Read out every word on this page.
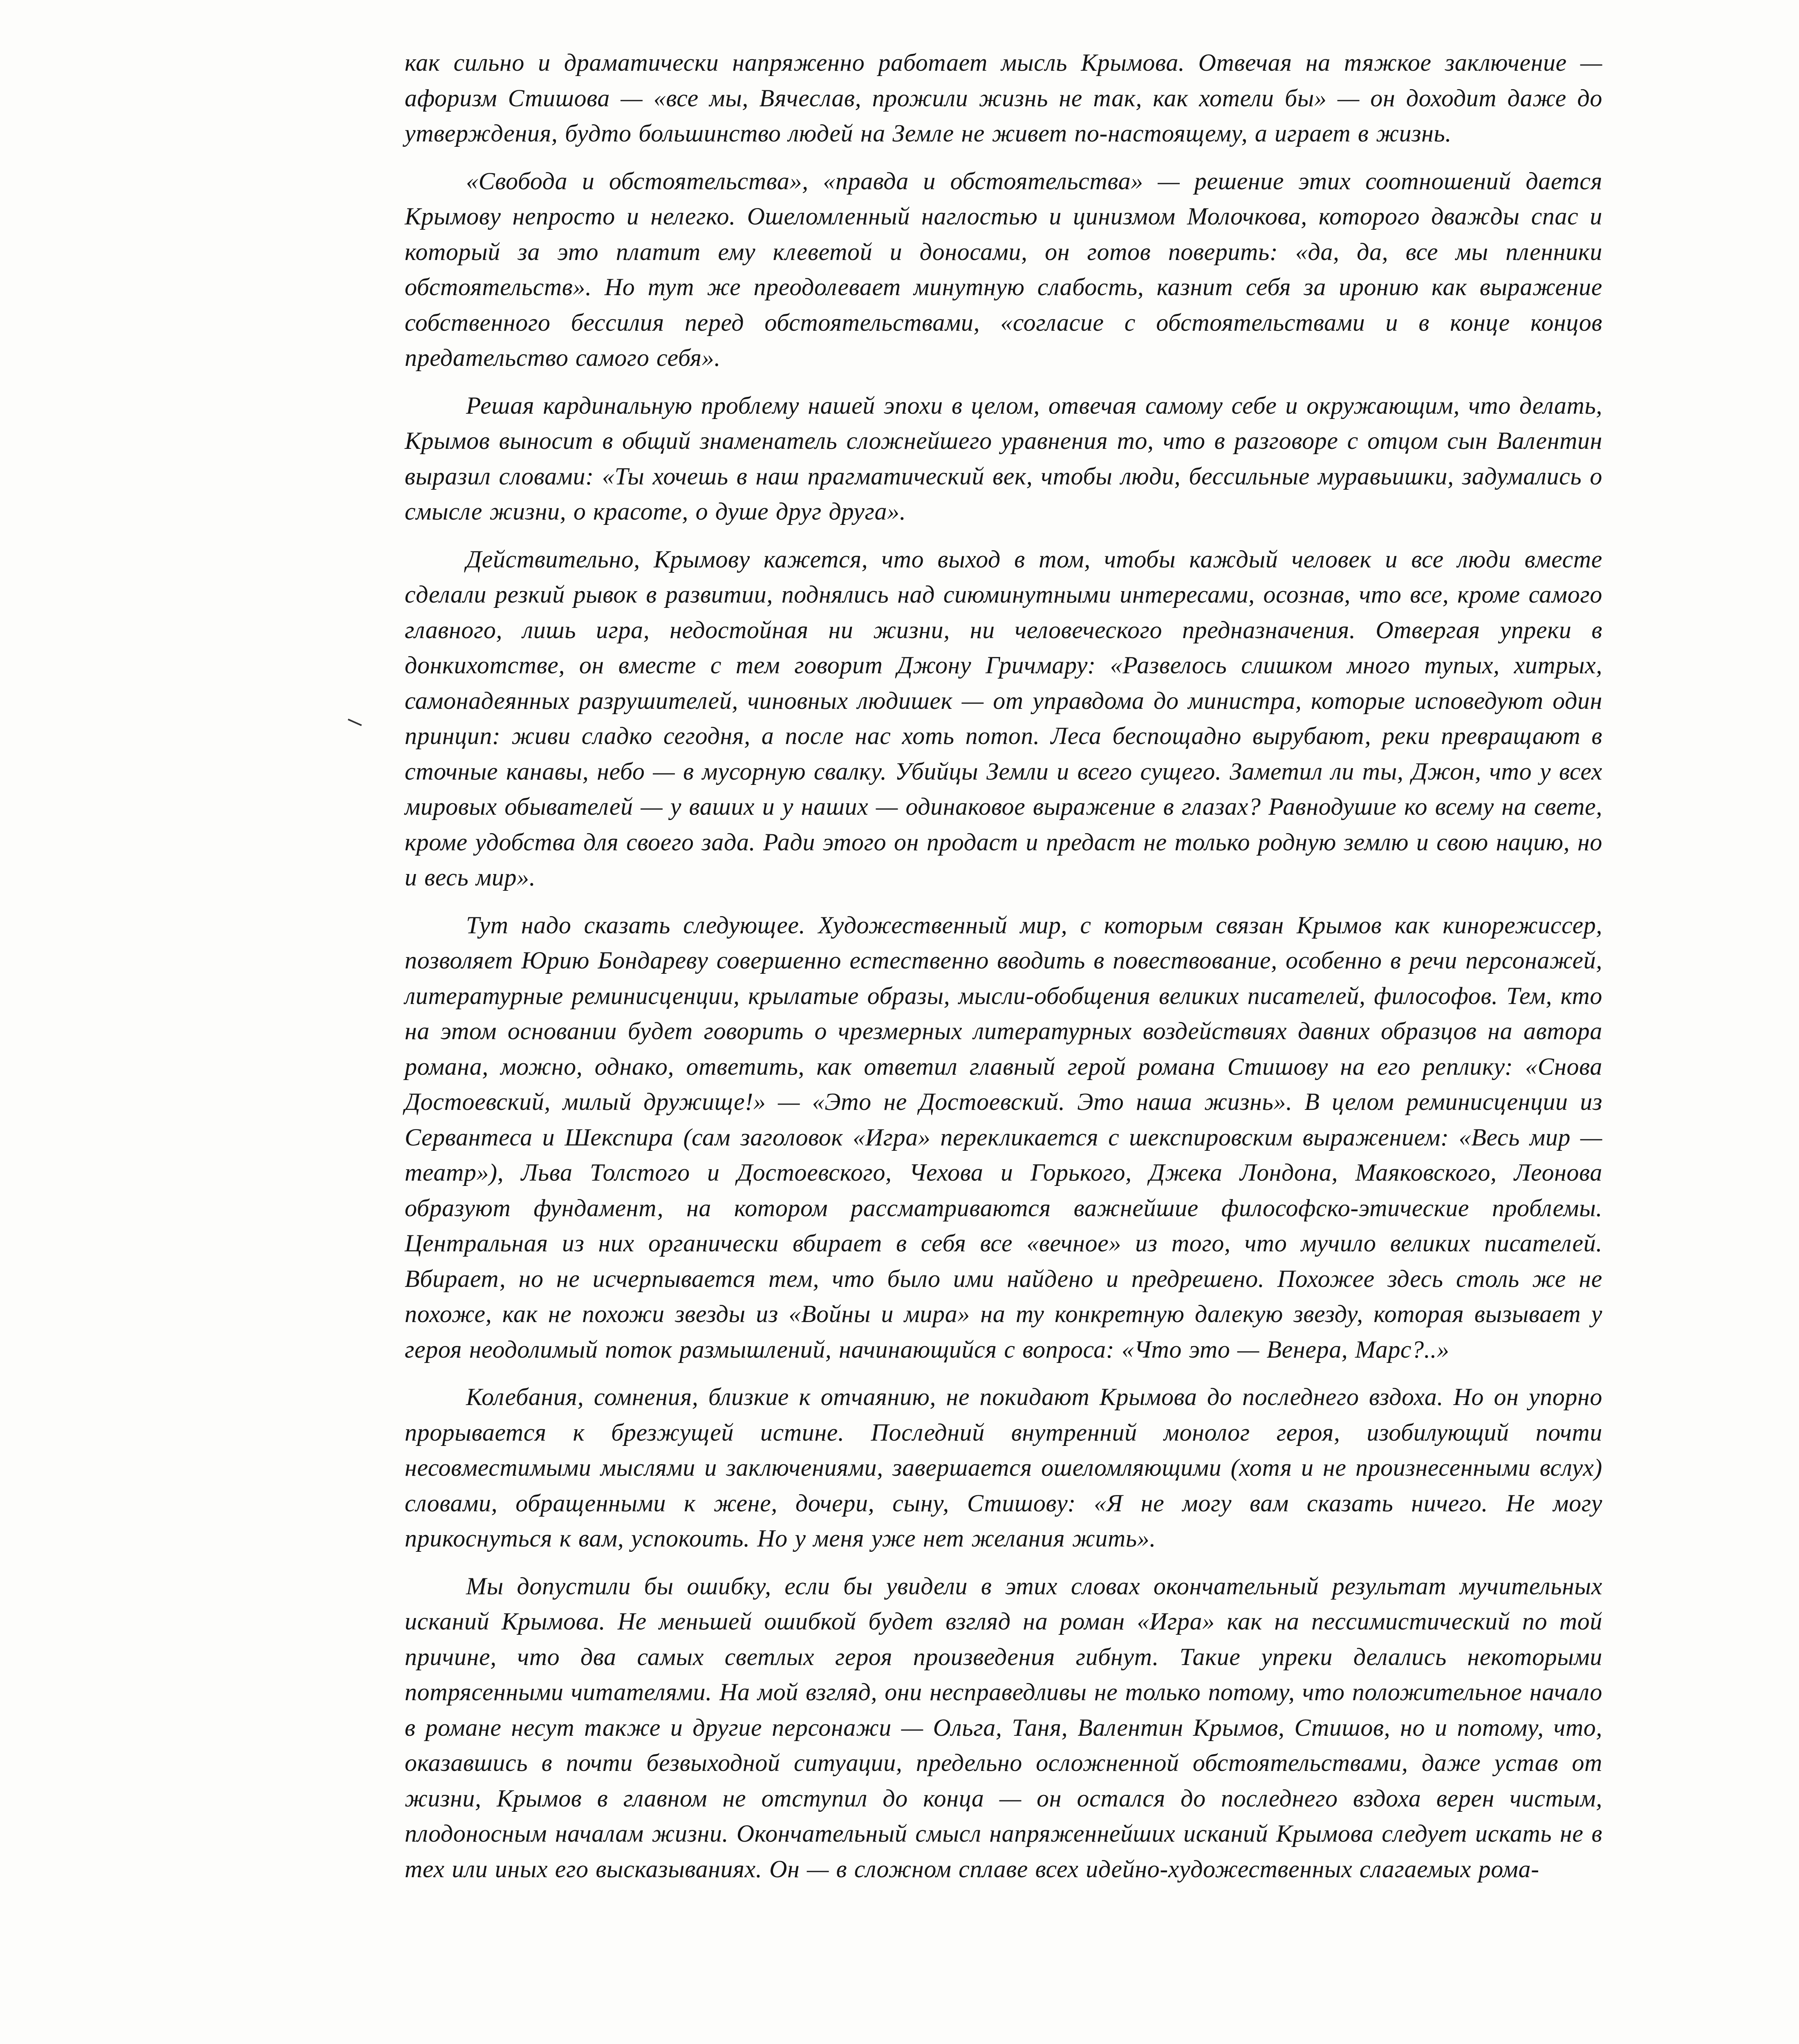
как сильно и драматически напряженно работает мысль Крымова. Отвечая на тяжкое заключение — афоризм Стишова — «все мы, Вячеслав, прожили жизнь не так, как хотели бы» — он доходит даже до утверждения, будто большинство людей на Земле не живет по-настоящему, а играет в жизнь.

«Свобода и обстоятельства», «правда и обстоятельства» — решение этих соотношений дается Крымову непросто и нелегко. Ошеломленный наглостью и цинизмом Молочкова, которого дважды спас и который за это платит ему клеветой и доносами, он готов поверить: «да, да, все мы пленники обстоятельств». Но тут же преодолевает минутную слабость, казнит себя за иронию как выражение собственного бессилия перед обстоятельствами, «согласие с обстоятельствами и в конце концов предательство самого себя».

Решая кардинальную проблему нашей эпохи в целом, отвечая самому себе и окружающим, что делать, Крымов выносит в общий знаменатель сложнейшего уравнения то, что в разговоре с отцом сын Валентин выразил словами: «Ты хочешь в наш прагматический век, чтобы люди, бессильные муравьишки, задумались о смысле жизни, о красоте, о душе друг друга».

Действительно, Крымову кажется, что выход в том, чтобы каждый человек и все люди вместе сделали резкий рывок в развитии, поднялись над сиюминутными интересами, осознав, что все, кроме самого главного, лишь игра, недостойная ни жизни, ни человеческого предназначения. Отвергая упреки в донкихотстве, он вместе с тем говорит Джону Гричмару: «Развелось слишком много тупых, хитрых, самонадеянных разрушителей, чиновных людишек — от управдома до министра, которые исповедуют один принцип: живи сладко сегодня, а после нас хоть потоп. Леса беспощадно вырубают, реки превращают в сточные канавы, небо — в мусорную свалку. Убийцы Земли и всего сущего. Заметил ли ты, Джон, что у всех мировых обывателей — у ваших и у наших — одинаковое выражение в глазах? Равнодушие ко всему на свете, кроме удобства для своего зада. Ради этого он продаст и предаст не только родную землю и свою нацию, но и весь мир».

Тут надо сказать следующее. Художественный мир, с которым связан Крымов как кинорежиссер, позволяет Юрию Бондареву совершенно естественно вводить в повествование, особенно в речи персонажей, литературные реминисценции, крылатые образы, мысли-обобщения великих писателей, философов. Тем, кто на этом основании будет говорить о чрезмерных литературных воздействиях давних образцов на автора романа, можно, однако, ответить, как ответил главный герой романа Стишову на его реплику: «Снова Достоевский, милый дружище!» — «Это не Достоевский. Это наша жизнь». В целом реминисценции из Сервантеса и Шекспира (сам заголовок «Игра» перекликается с шекспировским выражением: «Весь мир — театр»), Льва Толстого и Достоевского, Чехова и Горького, Джека Лондона, Маяковского, Леонова образуют фундамент, на котором рассматриваются важнейшие философско-этические проблемы. Центральная из них органически вбирает в себя все «вечное» из того, что мучило великих писателей. Вбирает, но не исчерпывается тем, что было ими найдено и предрешено. Похожее здесь столь же не похоже, как не похожи звезды из «Войны и мира» на ту конкретную далекую звезду, которая вызывает у героя неодолимый поток размышлений, начинающийся с вопроса: «Что это — Венера, Марс?..»

Колебания, сомнения, близкие к отчаянию, не покидают Крымова до последнего вздоха. Но он упорно прорывается к брезжущей истине. Последний внутренний монолог героя, изобилующий почти несовместимыми мыслями и заключениями, завершается ошеломляющими (хотя и не произнесенными вслух) словами, обращенными к жене, дочери, сыну, Стишову: «Я не могу вам сказать ничего. Не могу прикоснуться к вам, успокоить. Но у меня уже нет желания жить».

Мы допустили бы ошибку, если бы увидели в этих словах окончательный результат мучительных исканий Крымова. Не меньшей ошибкой будет взгляд на роман «Игра» как на пессимистический по той причине, что два самых светлых героя произведения гибнут. Такие упреки делались некоторыми потрясенными читателями. На мой взгляд, они несправедливы не только потому, что положительное начало в романе несут также и другие персонажи — Ольга, Таня, Валентин Крымов, Стишов, но и потому, что, оказавшись в почти безвыходной ситуации, предельно осложненной обстоятельствами, даже устав от жизни, Крымов в главном не отступил до конца — он остался до последнего вздоха верен чистым, плодоносным началам жизни. Окончательный смысл напряженнейших исканий Крымова следует искать не в тех или иных его высказываниях. Он — в сложном сплаве всех идейно-художественных слагаемых рома-
